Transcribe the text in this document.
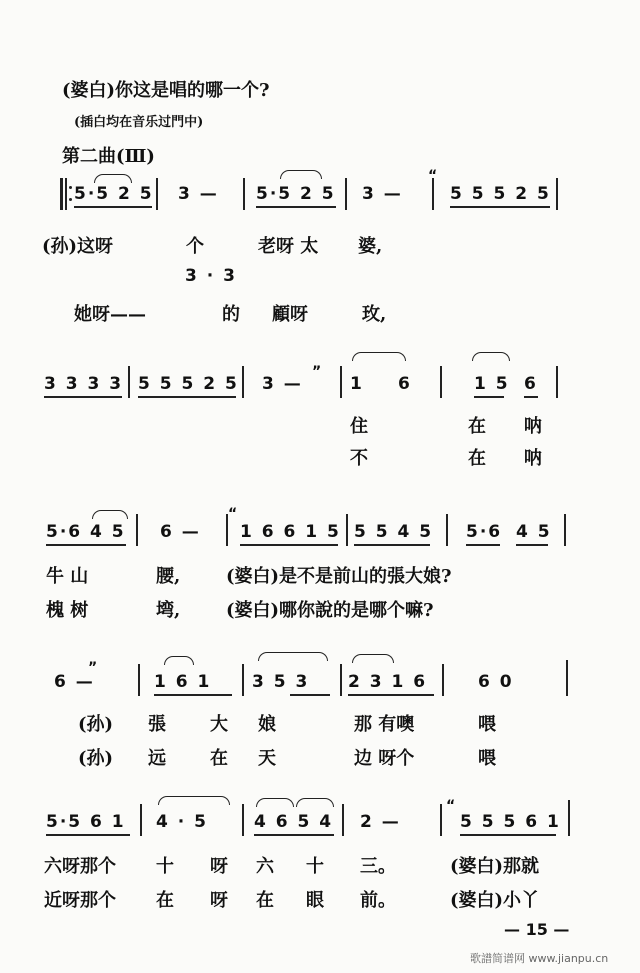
(婆白)你这是唱的哪一个?
(插白均在音乐过門中)
第二曲(Ⅲ)
5·5 2 5 3 — 5·5 2 5 3 —
“
5 5 5 2 5
(孙)这呀	个	老呀 太 婆,
3 · 3
她呀——	的 顧呀	玫,
3 3 3 3 5 5 5 2 5 3 —
”
1 6	1 5 6
住	在 呐
不	在 呐
5·6 4 5 6 —
“
1 6 6 1 5 5 5 4 5 5·6 4 5
牛 山	腰,	(婆白)是不是前山的張大娘?
槐 树	塆,	(婆白)哪你說的是哪个嘛?
6 —
”
1 6 1 3 5 3 2 3 1 6	6 0
(孙) 張 大 娘	那 有噢	喂
(孙) 远 在 天	边 呀个	喂
5·5 6 1 4 · 5	4 6 5 4 2 —
“
5 5 5 6 1
六呀那个 十 呀 六 十 三。	(婆白)那就
近呀那个 在 呀 在 眼 前。	(婆白)小丫
— 15 —
歌譜简谱网 www.jianpu.cn
